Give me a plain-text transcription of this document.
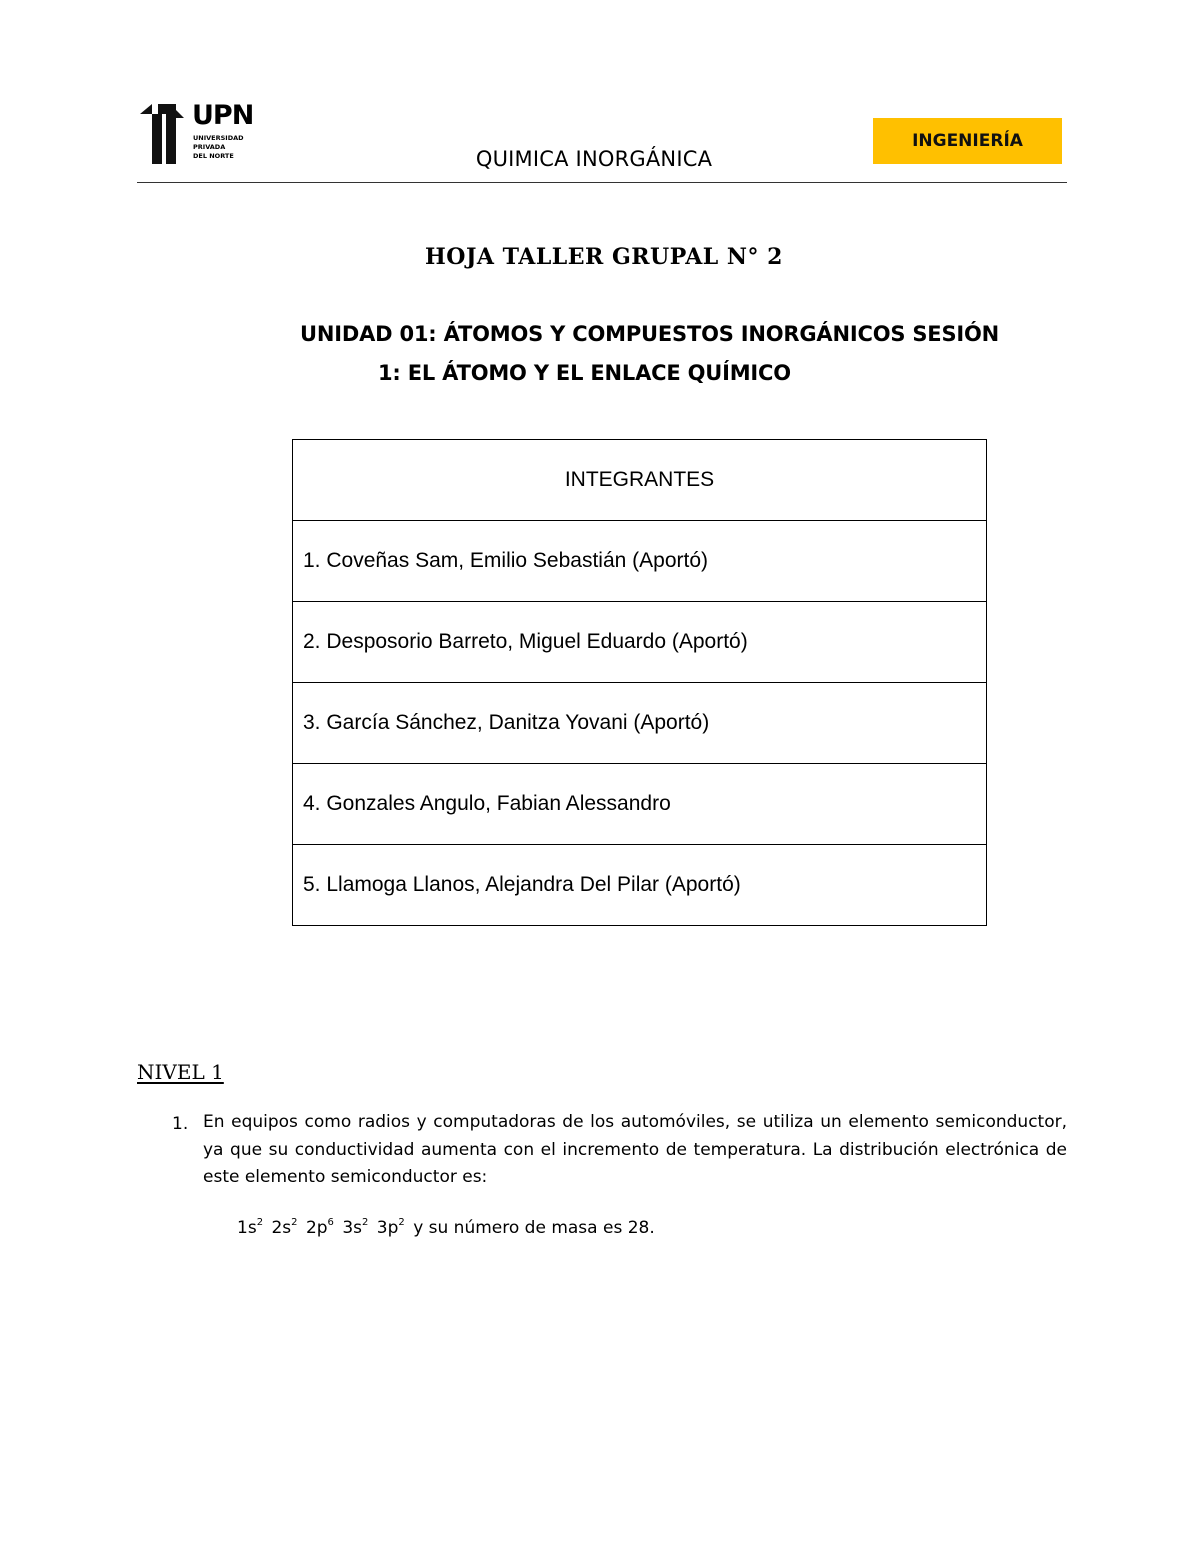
UPN
UNIVERSIDAD
PRIVADA
DEL NORTE	QUIMICA INORGÁNICA
INGENIERÍA
HOJA TALLER GRUPAL N° 2
UNIDAD 01: ÁTOMOS Y COMPUESTOS INORGÁNICOS SESIÓN
1: EL ÁTOMO Y EL ENLACE QUÍMICO
INTEGRANTES
1. Coveñas Sam, Emilio Sebastián (Aportó)
2. Desposorio Barreto, Miguel Eduardo (Aportó)
3. García Sánchez, Danitza Yovani (Aportó)
4. Gonzales Angulo, Fabian Alessandro
5. Llamoga Llanos, Alejandra Del Pilar (Aportó)
NIVEL 1
1. En equipos como radios y computadoras de los automóviles, se utiliza un elemento semiconductor, ya que su conductividad aumenta con el incremento de temperatura. La distribución electrónica de este elemento semiconductor es:
$1s^2$ $2s^2$ $2p^6$ $3s^2$ $3p^2$ y su número de masa es 28.
